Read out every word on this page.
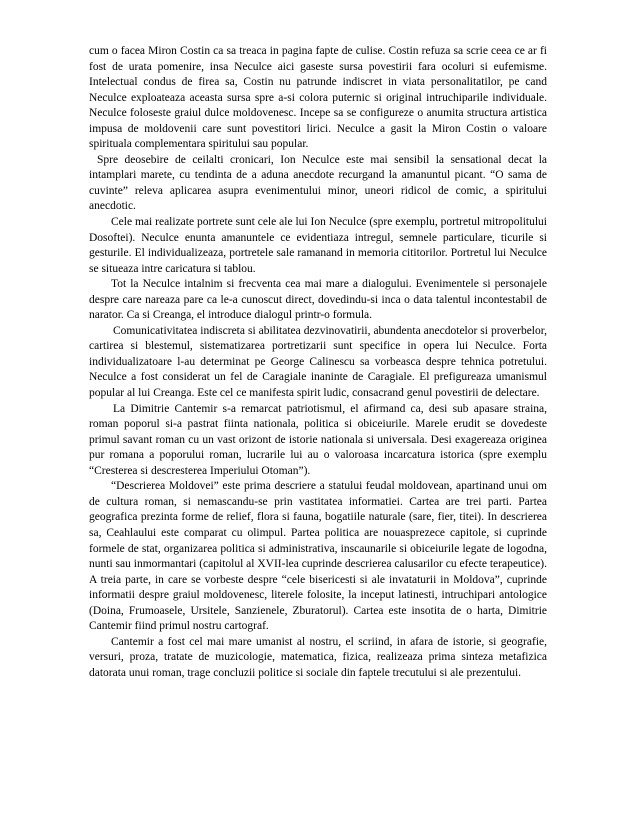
cum o facea Miron Costin ca sa treaca in pagina fapte de culise. Costin refuza sa scrie ceea ce ar fi fost de urata pomenire, insa Neculce aici gaseste sursa povestirii fara ocoluri si eufemisme. Intelectual condus de firea sa, Costin nu patrunde indiscret in viata personalitatilor, pe cand Neculce exploateaza aceasta sursa spre a-si colora puternic si original intruchiparile individuale. Neculce foloseste graiul dulce moldovenesc. Incepe sa se configureze o anumita structura artistica impusa de moldovenii care sunt povestitori lirici. Neculce a gasit la Miron Costin o valoare spirituala complementara spiritului sau popular.

Spre deosebire de ceilalti cronicari, Ion Neculce este mai sensibil la sensational decat la intamplari marete, cu tendinta de a aduna anecdote recurgand la amanuntul picant. “O sama de cuvinte” releva aplicarea asupra evenimentului minor, uneori ridicol de comic, a spiritului anecdotic.

Cele mai realizate portrete sunt cele ale lui Ion Neculce (spre exemplu, portretul mitropolitului Dosoftei). Neculce enunta amanuntele ce evidentiaza intregul, semnele particulare, ticurile si gesturile. El individualizeaza, portretele sale ramanand in memoria cititorilor. Portretul lui Neculce se situeaza intre caricatura si tablou.

Tot la Neculce intalnim si frecventa cea mai mare a dialogului. Evenimentele si personajele despre care nareaza pare ca le-a cunoscut direct, dovedindu-si inca o data talentul incontestabil de narator. Ca si Creanga, el introduce dialogul printr-o formula.

Comunicativitatea indiscreta si abilitatea dezvinovatirii, abundenta anecdotelor si proverbelor, cartirea si blestemul, sistematizarea portretizarii sunt specifice in opera lui Neculce. Forta individualizatoare l-au determinat pe George Calinescu sa vorbeasca despre tehnica potretului. Neculce a fost considerat un fel de Caragiale inaninte de Caragiale. El prefigureaza umanismul popular al lui Creanga. Este cel ce manifesta spirit ludic, consacrand genul povestirii de delectare.

La Dimitrie Cantemir s-a remarcat patriotismul, el afirmand ca, desi sub apasare straina, roman poporul si-a pastrat fiinta nationala, politica si obiceiurile. Marele erudit se dovedeste primul savant roman cu un vast orizont de istorie nationala si universala. Desi exagereaza originea pur romana a poporului roman, lucrarile lui au o valoroasa incarcatura istorica (spre exemplu “Cresterea si descresterea Imperiului Otoman”).

“Descrierea Moldovei” este prima descriere a statului feudal moldovean, apartinand unui om de cultura roman, si nemascandu-se prin vastitatea informatiei. Cartea are trei parti. Partea geografica prezinta forme de relief, flora si fauna, bogatiile naturale (sare, fier, titei). In descrierea sa, Ceahlaului este comparat cu olimpul. Partea politica are nouasprezece capitole, si cuprinde formele de stat, organizarea politica si administrativa, inscaunarile si obiceiurile legate de logodna, nunti sau inmormantari (capitolul al XVII-lea cuprinde descrierea calusarilor cu efecte terapeutice). A treia parte, in care se vorbeste despre “cele bisericesti si ale invataturii in Moldova”, cuprinde informatii despre graiul moldovenesc, literele folosite, la inceput latinesti, intruchipari antologice (Doina, Frumoasele, Ursitele, Sanzienele, Zburatorul). Cartea este insotita de o harta, Dimitrie Cantemir fiind primul nostru cartograf.

Cantemir a fost cel mai mare umanist al nostru, el scriind, in afara de istorie, si geografie, versuri, proza, tratate de muzicologie, matematica, fizica, realizeaza prima sinteza metafizica datorata unui roman, trage concluzii politice si sociale din faptele trecutului si ale prezentului.
